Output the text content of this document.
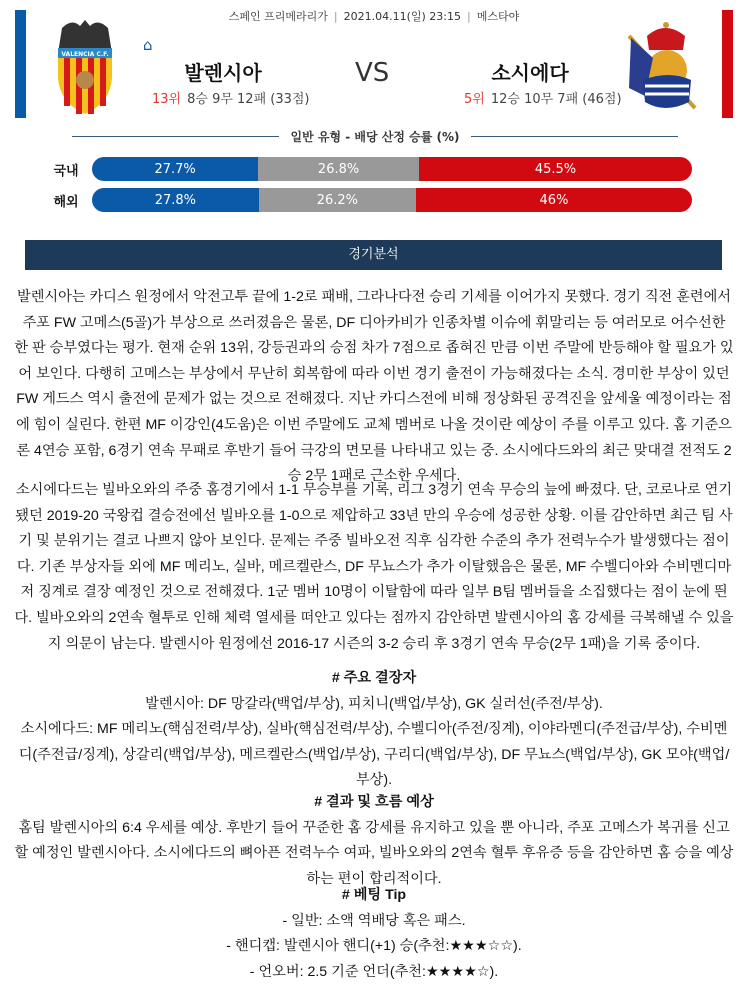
스페인 프리메라리가 | 2021.04.11(일) 23:15 | 메스타야
VALENCIA C.F.
⌂
발렌시아	VS	소시에다
13위 8승 9무 12패 (33점)	5위 12승 10무 7패 (46점)
일반 유형 - 배당 산정 승률 (%)
국내	27.7%	26.8%	45.5%
해외	27.8%	26.2%	46%
경기분석
발렌시아는 카디스 원정에서 악전고투 끝에 1-2로 패배, 그라나다전 승리 기세를 이어가지 못했다. 경기 직전 훈련에서 주포 FW 고메스(5골)가 부상으로 쓰러졌음은 물론, DF 디아카비가 인종차별 이슈에 휘말리는 등 여러모로 어수선한 한 판 승부였다는 평가. 현재 순위 13위, 강등권과의 승점 차가 7점으로 좁혀진 만큼 이번 주말에 반등해야 할 필요가 있어 보인다. 다행히 고메스는 부상에서 무난히 회복함에 따라 이번 경기 출전이 가능해졌다는 소식. 경미한 부상이 있던 FW 게드스 역시 출전에 문제가 없는 것으로 전해졌다. 지난 카디스전에 비해 정상화된 공격진을 앞세울 예정이라는 점에 힘이 실린다. 한편 MF 이강인(4도움)은 이번 주말에도 교체 멤버로 나올 것이란 예상이 주를 이루고 있다. 홈 기준으론 4연승 포함, 6경기 연속 무패로 후반기 들어 극강의 면모를 나타내고 있는 중. 소시에다드와의 최근 맞대결 전적도 2승 2무 1패로 근소한 우세다.
소시에다드는 빌바오와의 주중 홈경기에서 1-1 무승부를 기록, 리그 3경기 연속 무승의 늪에 빠졌다. 단, 코로나로 연기됐던 2019-20 국왕컵 결승전에선 빌바오를 1-0으로 제압하고 33년 만의 우승에 성공한 상황. 이를 감안하면 최근 팀 사기 및 분위기는 결코 나쁘지 않아 보인다. 문제는 주중 빌바오전 직후 심각한 수준의 추가 전력누수가 발생했다는 점이다. 기존 부상자들 외에 MF 메리노, 실바, 메르켈란스, DF 무뇨스가 추가 이탈했음은 물론, MF 수벨디아와 수비멘디마저 징계로 결장 예정인 것으로 전해졌다. 1군 멤버 10명이 이탈함에 따라 일부 B팀 멤버들을 소집했다는 점이 눈에 띈다. 빌바오와의 2연속 혈투로 인해 체력 열세를 떠안고 있다는 점까지 감안하면 발렌시아의 홈 강세를 극복해낼 수 있을지 의문이 남는다. 발렌시아 원정에선 2016-17 시즌의 3-2 승리 후 3경기 연속 무승(2무 1패)을 기록 중이다.

# 주요 결장자

발렌시아: DF 망갈라(백업/부상), 피치니(백업/부상), GK 실러선(주전/부상).

소시에다드: MF 메리노(핵심전력/부상), 실바(핵심전력/부상), 수벨디아(주전/징계), 이야라멘디(주전급/부상), 수비멘디(주전급/징계), 상갈리(백업/부상), 메르켈란스(백업/부상), 구리디(백업/부상), DF 무뇨스(백업/부상), GK 모야(백업/부상).

# 결과 및 흐름 예상

홈팀 발렌시아의 6:4 우세를 예상. 후반기 들어 꾸준한 홈 강세를 유지하고 있을 뿐 아니라, 주포 고메스가 복귀를 신고할 예정인 발렌시아다. 소시에다드의 뼈아픈 전력누수 여파, 빌바오와의 2연속 혈투 후유증 등을 감안하면 홈 승을 예상하는 편이 합리적이다.

# 베팅 Tip

- 일반: 소액 역배당 혹은 패스.

- 핸디캡: 발렌시아 핸디(+1) 승(추천:★★★☆☆).

- 언오버: 2.5 기준 언더(추천:★★★★☆).
